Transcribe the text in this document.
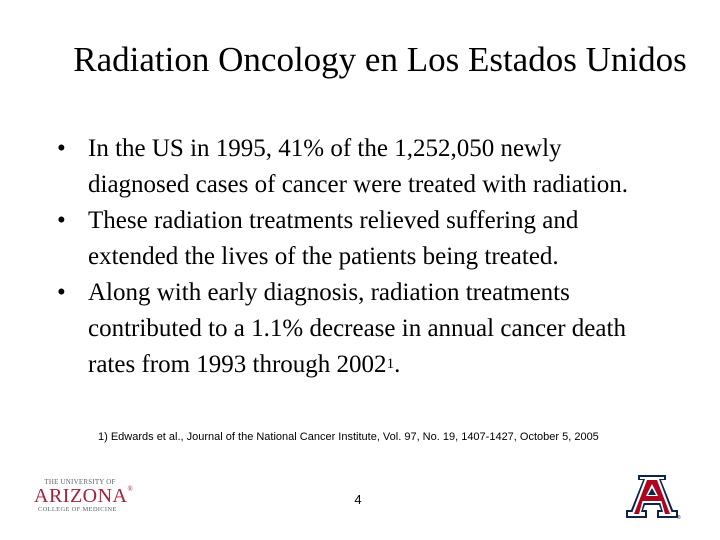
Radiation Oncology en Los Estados Unidos
• In the US in 1995, 41% of the 1,252,050 newly diagnosed cases of cancer were treated with radiation.
• These radiation treatments relieved suffering and extended the lives of the patients being treated.
• Along with early diagnosis, radiation treatments contributed to a 1.1% decrease in annual cancer death rates from 1993 through 2002$^1$.
1) Edwards et al., Journal of the National Cancer Institute, Vol. 97, No. 19, 1407-1427, October 5, 2005
4
THE UNIVERSITY OF
ARIZONA®
COLLEGE OF MEDICINE
®
